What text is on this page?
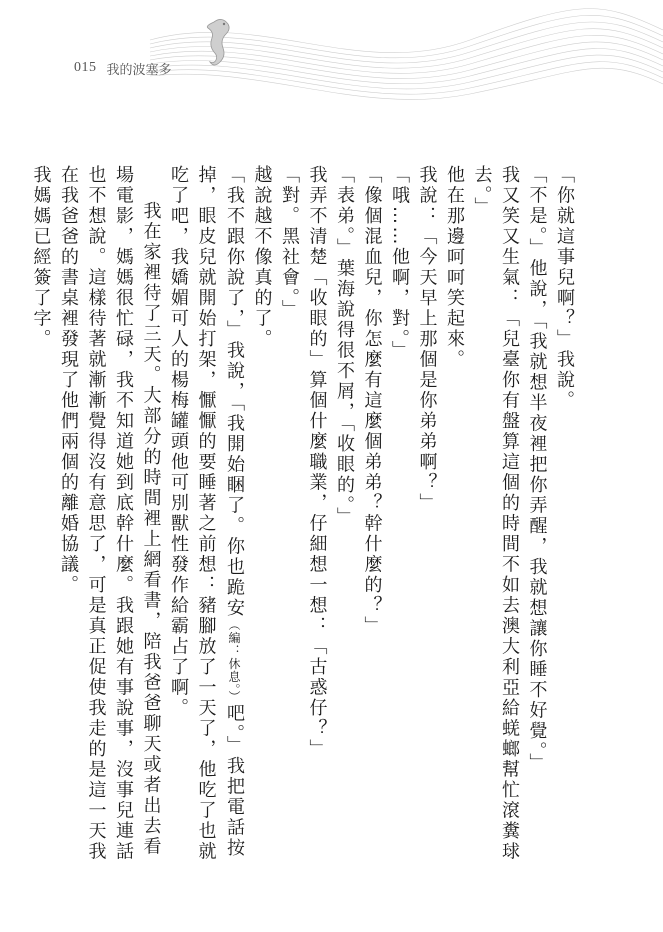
015 我的波塞多

「你就這事兒啊？」我說。

「不是。」他說，「我就想半夜裡把你弄醒，我就想讓你睡不好覺。」

我又笑又生氣：「兒臺你有盤算這個的時間不如去澳大利亞給蜣螂幫忙滾糞球去。」

他在那邊呵呵笑起來。

我說：「今天早上那個是你弟弟啊？」

「哦……他啊，對。」

「像個混血兒，你怎麼有這麼個弟弟？幹什麼的？」

「表弟。」葉海說得很不屑，「收眼的。」

我弄不清楚「收眼的」算個什麼職業，仔細想一想：「古惑仔？」

「對。黑社會。」

越說越不像真的了。

「我不跟你說了，」我說，「我開始睏了。你也跪安（編：休息。）吧。」我把電話按掉，眼皮兒就開始打架，懨懨的要睡著之前想：豬腳放了一天了，他吃了也就吃了吧，我嬌媚可人的楊梅罐頭他可別獸性發作給霸占了啊。

我在家裡待了三天。大部分的時間裡上網看書，陪我爸爸聊天或者出去看場電影，媽媽很忙碌，我不知道她到底幹什麼。我跟她有事說事，沒事兒連話也不想說。這樣待著就漸漸覺得沒有意思了，可是真正促使我走的是這一天我在我爸爸的書桌裡發現了他們兩個的離婚協議。

我媽媽已經簽了字。
